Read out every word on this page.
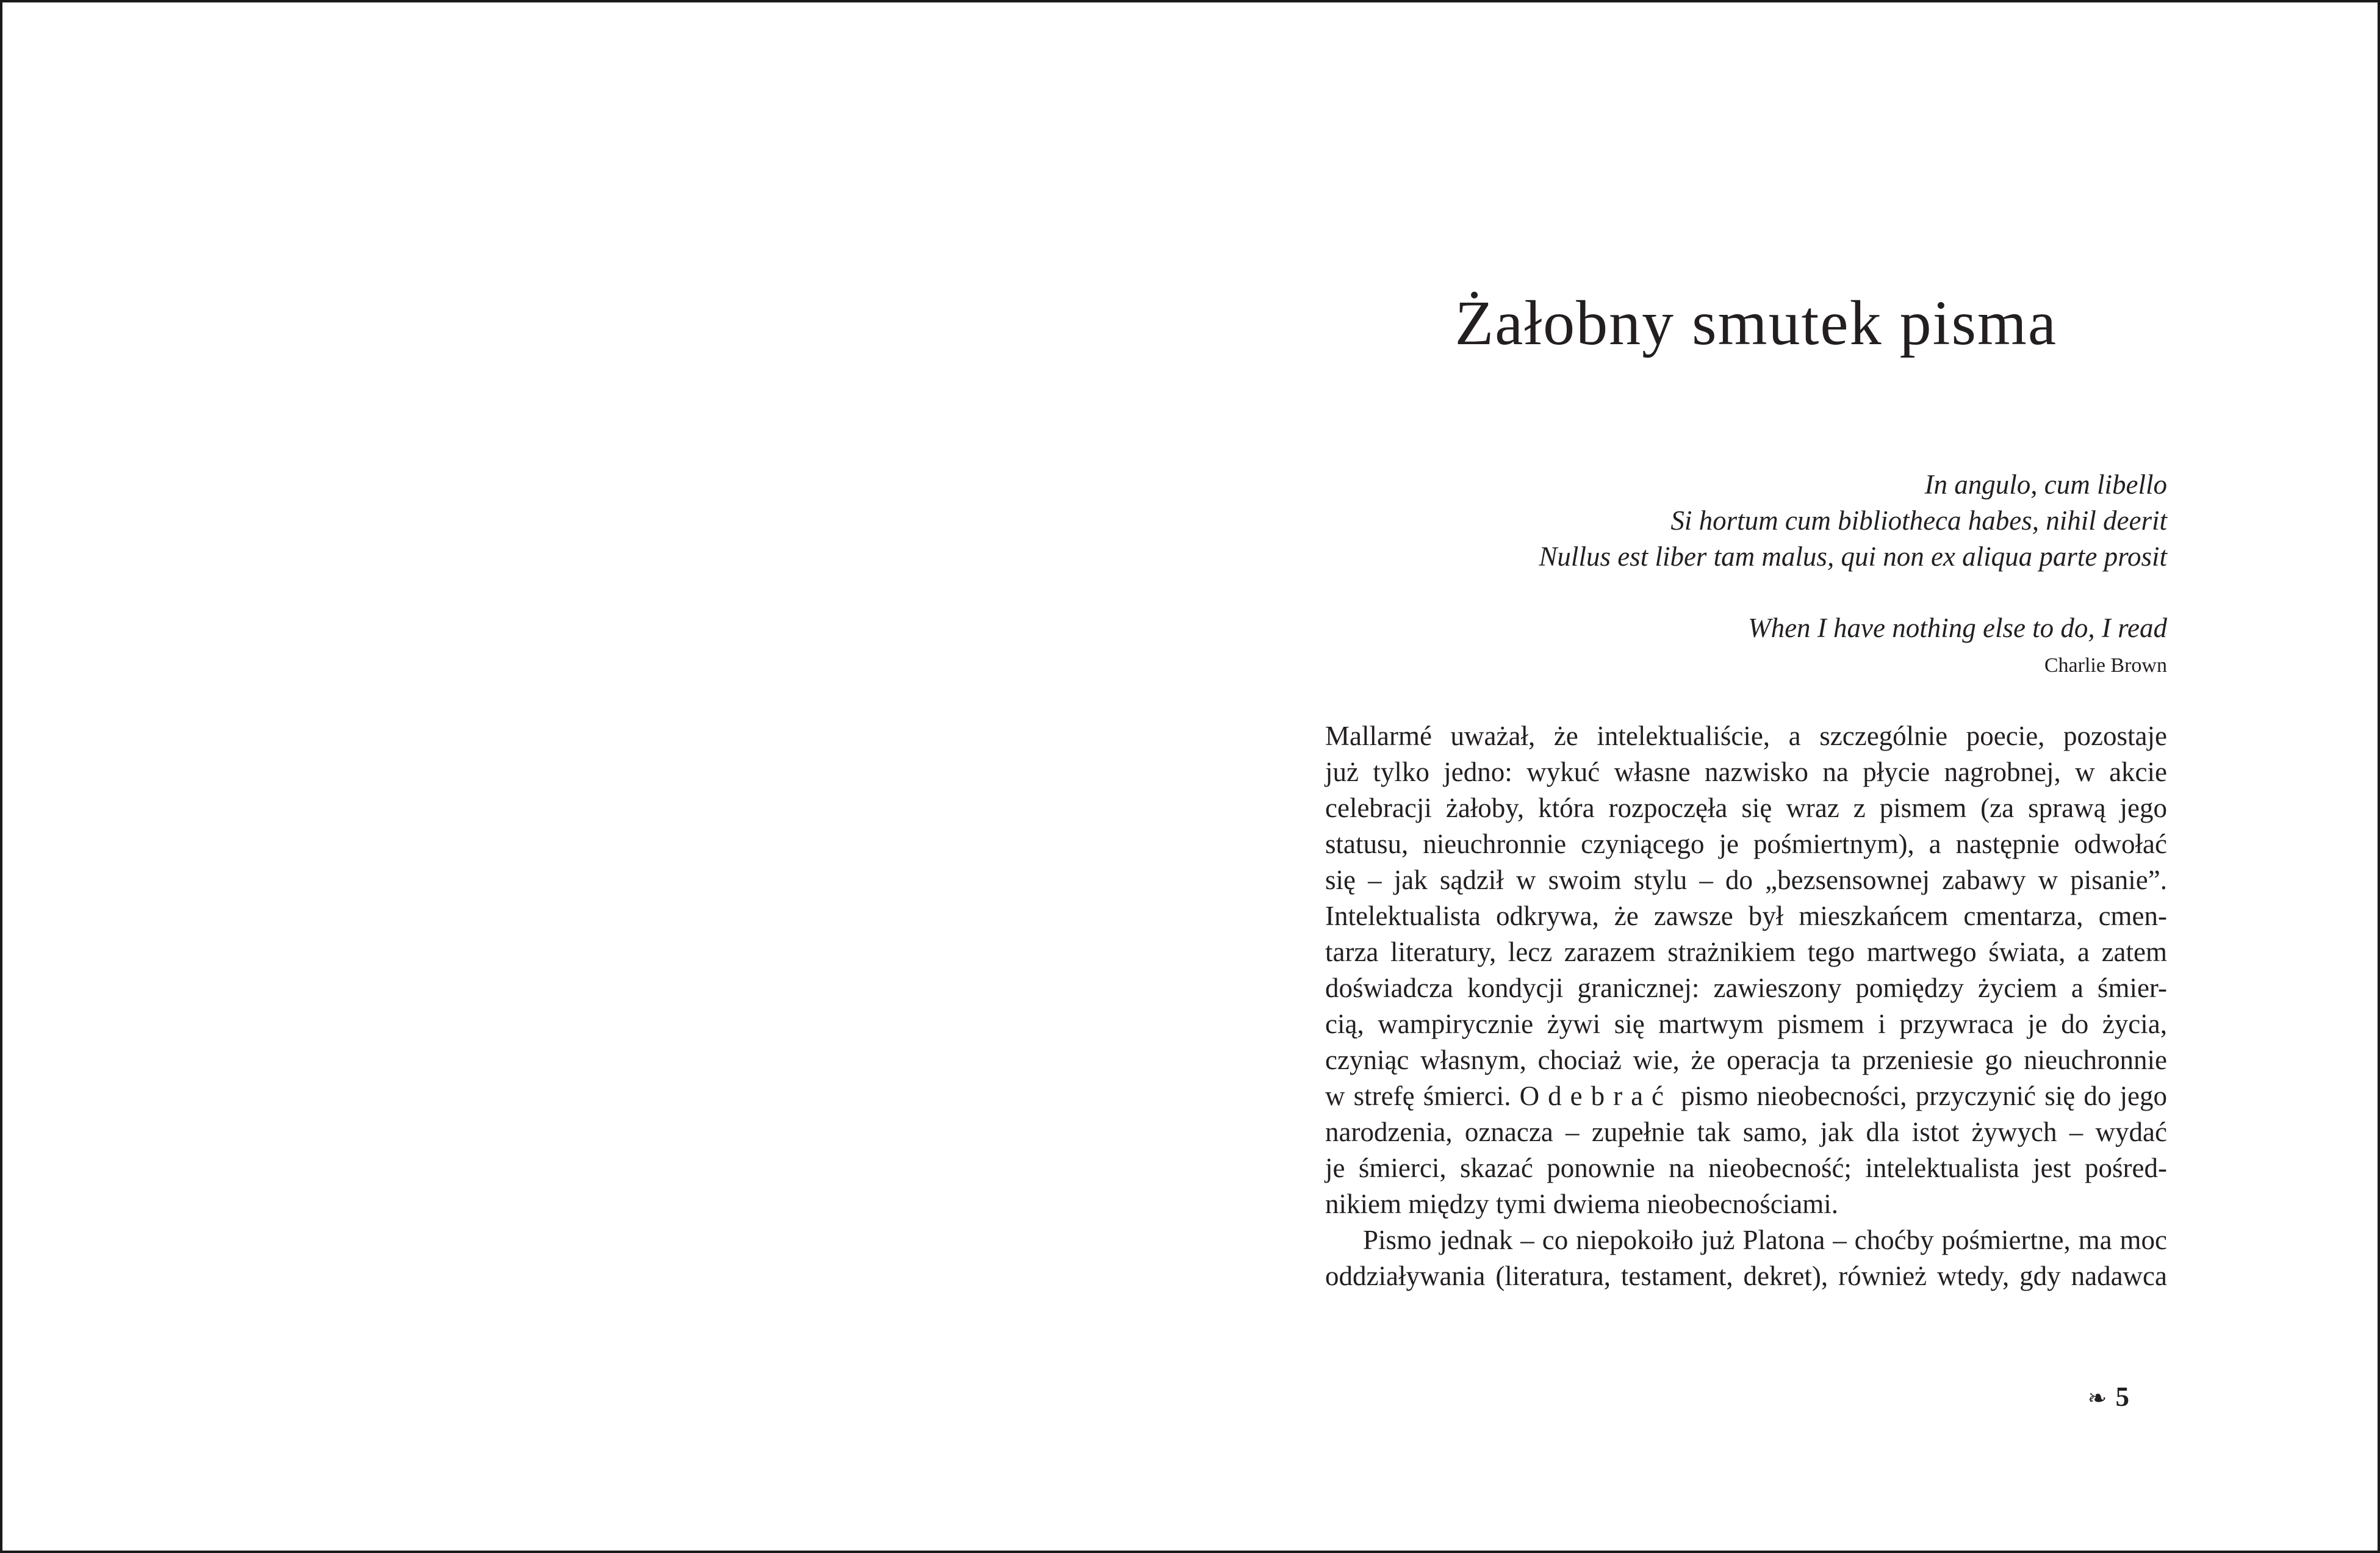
Żałobny smutek pisma
In angulo, cum libello
Si hortum cum bibliotheca habes, nihil deerit
Nullus est liber tam malus, qui non ex aliqua parte prosit
When I have nothing else to do, I read
Charlie Brown

Mallarmé uważał, że intelektualiście, a szczególnie poecie, pozostaje
już tylko jedno: wykuć własne nazwisko na płycie nagrobnej, w akcie
celebracji żałoby, która rozpoczęła się wraz z pismem (za sprawą jego
statusu, nieuchronnie czyniącego je pośmiertnym), a następnie odwołać
się – jak sądził w swoim stylu – do „bezsensownej zabawy w pisanie”.
Intelektualista odkrywa, że zawsze był mieszkańcem cmentarza, cmen-
tarza literatury, lecz zarazem strażnikiem tego martwego świata, a zatem
doświadcza kondycji granicznej: zawieszony pomiędzy życiem a śmier-
cią, wampirycznie żywi się martwym pismem i przywraca je do życia,
czyniąc własnym, chociaż wie, że operacja ta przeniesie go nieuchronnie
w strefę śmierci. Odebrać pismo nieobecności, przyczynić się do jego
narodzenia, oznacza – zupełnie tak samo, jak dla istot żywych – wydać
je śmierci, skazać ponownie na nieobecność; intelektualista jest pośred-
nikiem między tymi dwiema nieobecnościami.

Pismo jednak – co niepokoiło już Platona – choćby pośmiertne, ma moc
oddziaływania (literatura, testament, dekret), również wtedy, gdy nadawca

❧ 5
